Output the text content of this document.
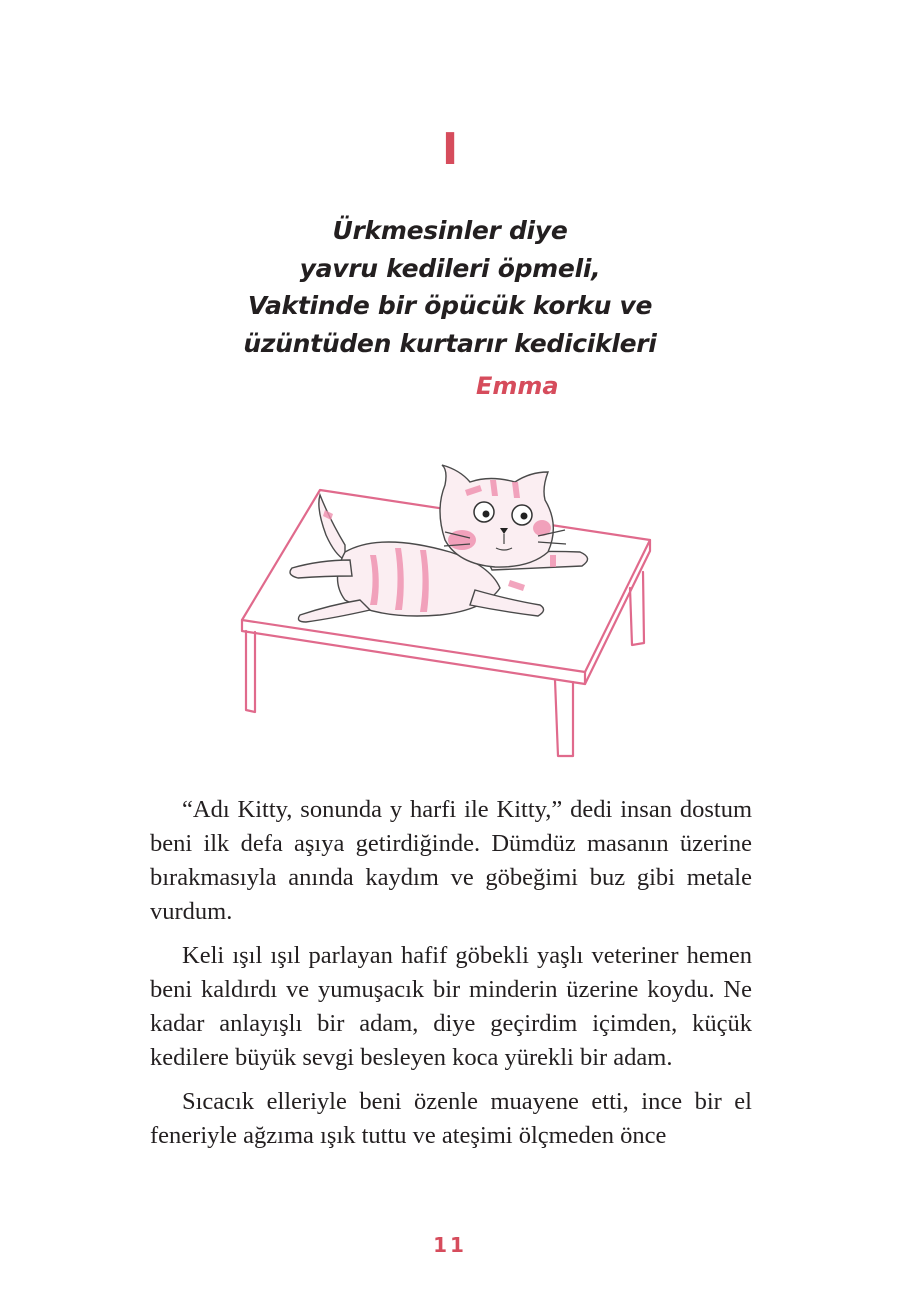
I
Ürkmesinler diye
yavru kedileri öpmeli,
Vaktinde bir öpücük korku ve
üzüntüden kurtarır kedicikleri
Emma

“Adı Kitty, sonunda y harfi ile Kitty,” dedi insan dostum beni ilk defa aşıya getirdiğinde. Dümdüz masanın üzerine bırakmasıyla anında kaydım ve göbeğimi buz gibi metale vurdum.

Keli ışıl ışıl parlayan hafif göbekli yaşlı veteriner hemen beni kaldırdı ve yumuşacık bir minderin üzerine koydu. Ne kadar anlayışlı bir adam, diye geçirdim içimden, küçük kedilere büyük sevgi besleyen koca yürekli bir adam.

Sıcacık elleriyle beni özenle muayene etti, ince bir el feneriyle ağzıma ışık tuttu ve ateşimi ölçmeden önce

11
